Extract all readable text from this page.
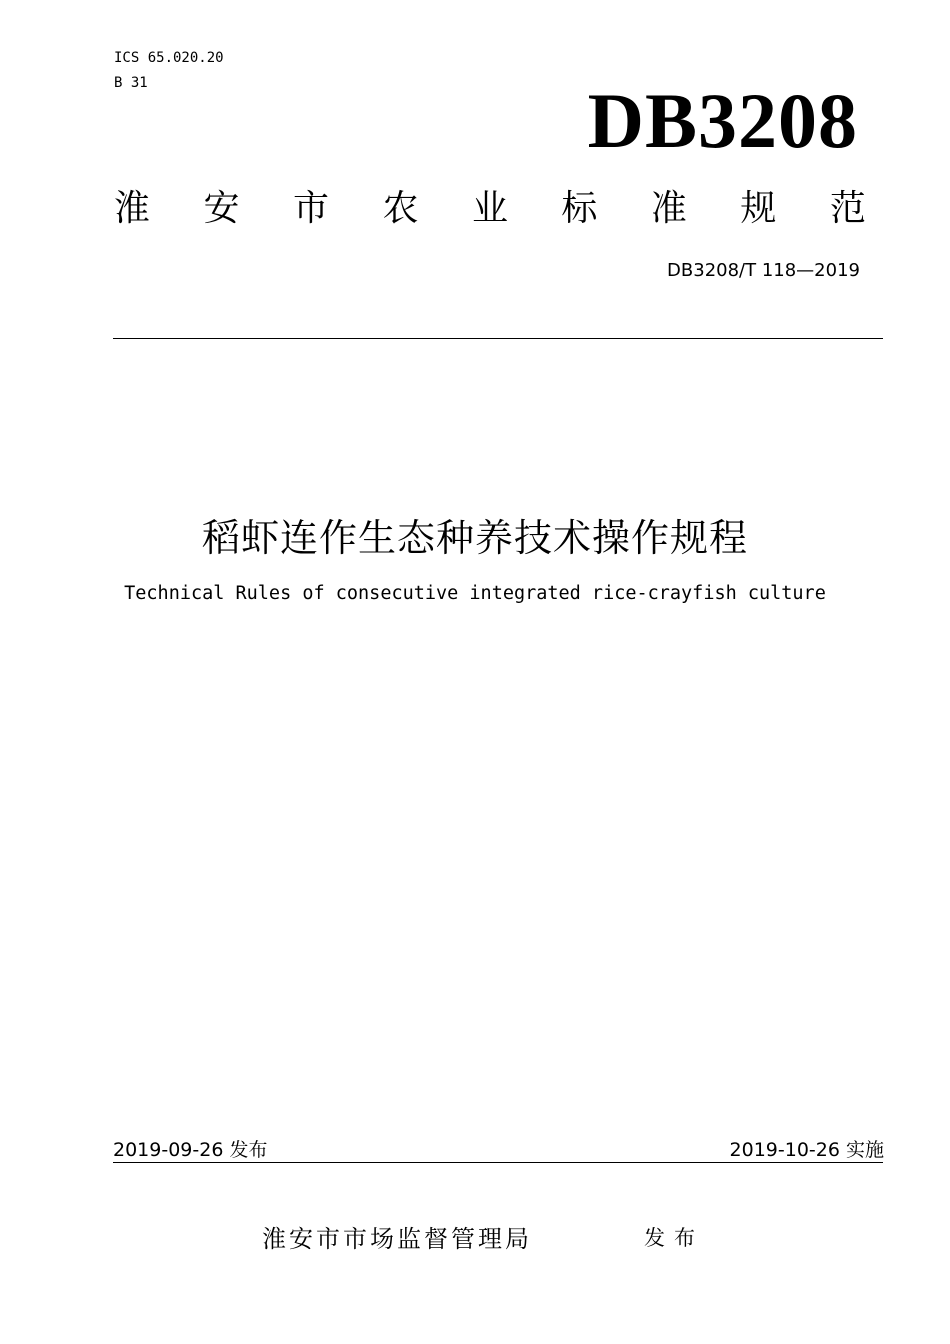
ICS 65.020.20
B 31	DB3208
淮 安 市 农 业 标 准 规 范
DB3208/T 118—2019
稻虾连作生态种养技术操作规程
Technical Rules of consecutive integrated rice-crayfish culture
2019-09-26 发布	2019-10-26 实施
淮安市市场监督管理局	发布
